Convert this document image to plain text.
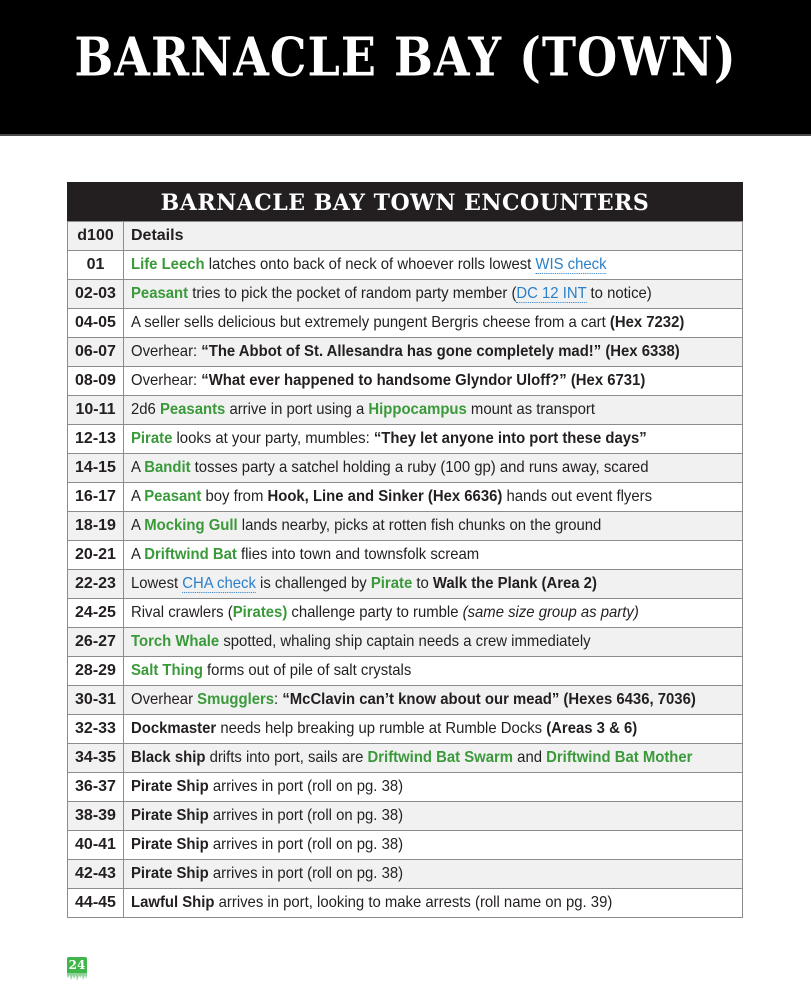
BARNACLE BAY (TOWN)
BARNACLE BAY TOWN ENCOUNTERS
d100	Details
01	Life Leech latches onto back of neck of whoever rolls lowest WIS check
02-03	Peasant tries to pick the pocket of random party member (DC 12 INT to notice)
04-05	A seller sells delicious but extremely pungent Bergris cheese from a cart (Hex 7232)
06-07	Overhear: “The Abbot of St. Allesandra has gone completely mad!” (Hex 6338)
08-09	Overhear: “What ever happened to handsome Glyndor Uloff?” (Hex 6731)
10-11	2d6 Peasants arrive in port using a Hippocampus mount as transport
12-13	Pirate looks at your party, mumbles: “They let anyone into port these days”
14-15	A Bandit tosses party a satchel holding a ruby (100 gp) and runs away, scared
16-17	A Peasant boy from Hook, Line and Sinker (Hex 6636) hands out event flyers
18-19	A Mocking Gull lands nearby, picks at rotten fish chunks on the ground
20-21	A Driftwind Bat flies into town and townsfolk scream
22-23	Lowest CHA check is challenged by Pirate to Walk the Plank (Area 2)
24-25	Rival crawlers (Pirates) challenge party to rumble (same size group as party)
26-27	Torch Whale spotted, whaling ship captain needs a crew immediately
28-29	Salt Thing forms out of pile of salt crystals
30-31	Overhear Smugglers: “McClavin can’t know about our mead” (Hexes 6436, 7036)
32-33	Dockmaster needs help breaking up rumble at Rumble Docks (Areas 3 & 6)
34-35	Black ship drifts into port, sails are Driftwind Bat Swarm and Driftwind Bat Mother
36-37	Pirate Ship arrives in port (roll on pg. 38)
38-39	Pirate Ship arrives in port (roll on pg. 38)
40-41	Pirate Ship arrives in port (roll on pg. 38)
42-43	Pirate Ship arrives in port (roll on pg. 38)
44-45	Lawful Ship arrives in port, looking to make arrests (roll name on pg. 39)
24
